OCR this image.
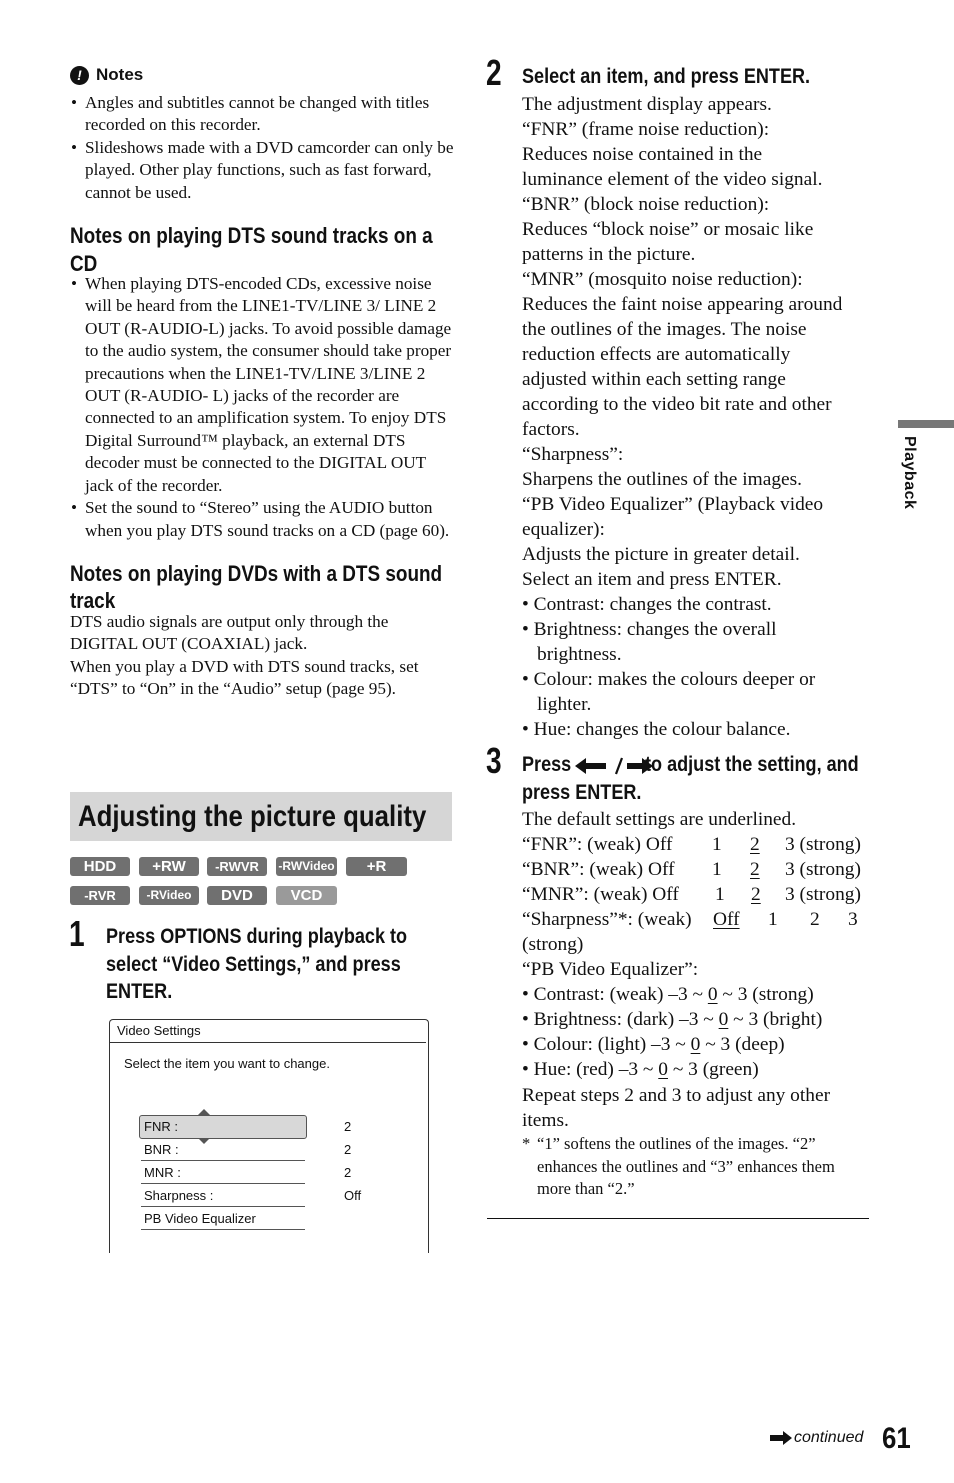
! Notes
• Angles and subtitles cannot be changed with titles recorded on this recorder.
• Slideshows made with a DVD camcorder can only be played. Other play functions, such as fast forward, cannot be used.
Notes on playing DTS sound tracks on a CD
• When playing DTS-encoded CDs, excessive noise will be heard from the LINE1-TV/LINE 3/ LINE 2 OUT (R-AUDIO-L) jacks. To avoid possible damage to the audio system, the consumer should take proper precautions when the LINE1-TV/LINE 3/LINE 2 OUT (R-AUDIO- L) jacks of the recorder are connected to an amplification system. To enjoy DTS Digital Surround™ playback, an external DTS decoder must be connected to the DIGITAL OUT jack of the recorder.
• Set the sound to “Stereo” using the AUDIO button when you play DTS sound tracks on a CD (page 60).
Notes on playing DVDs with a DTS sound track
DTS audio signals are output only through the DIGITAL OUT (COAXIAL) jack.
When you play a DVD with DTS sound tracks, set “DTS” to “On” in the “Audio” setup (page 95).
Adjusting the picture quality
HDD	+RW	-RWVR	-RWVideo	+R
-RVR	-RVideo	DVD	VCD
1 Press OPTIONS during playback to select “Video Settings,” and press ENTER.
Video Settings
Select the item you want to change.
FNR :	2
BNR :	2
MNR :	2
Sharpness :	Off
PB Video Equalizer
2 Select an item, and press ENTER.
The adjustment display appears.
“FNR” (frame noise reduction):
Reduces noise contained in the
luminance element of the video signal.
“BNR” (block noise reduction):
Reduces “block noise” or mosaic like
patterns in the picture.
“MNR” (mosquito noise reduction):
Reduces the faint noise appearing around
the outlines of the images. The noise
reduction effects are automatically
adjusted within each setting range
according to the video bit rate and other
factors.
“Sharpness”:
Sharpens the outlines of the images.
“PB Video Equalizer” (Playback video
equalizer):
Adjusts the picture in greater detail.
Select an item and press ENTER.
• Contrast: changes the contrast.
• Brightness: changes the overall
brightness.
• Colour: makes the colours deeper or
lighter.
• Hue: changes the colour balance.
3 Press	to adjust the setting, and
press ENTER.
The default settings are underlined.
“FNR”: (weak) Off 1 2 3 (strong)
“BNR”: (weak) Off 1 2 3 (strong)
“MNR”: (weak) Off 1 2 3 (strong)
“Sharpness”*: (weak) Off 1 2 3
(strong)
“PB Video Equalizer”:
• Contrast: (weak) –3 ~ 0 ~ 3 (strong)
• Brightness: (dark) –3 ~ 0 ~ 3 (bright)
• Colour: (light) –3 ~ 0 ~ 3 (deep)
• Hue: (red) –3 ~ 0 ~ 3 (green)
Repeat steps 2 and 3 to adjust any other items.
* “1” softens the outlines of the images. “2” enhances the outlines and “3” enhances them more than “2.”
Playback
continued 61
